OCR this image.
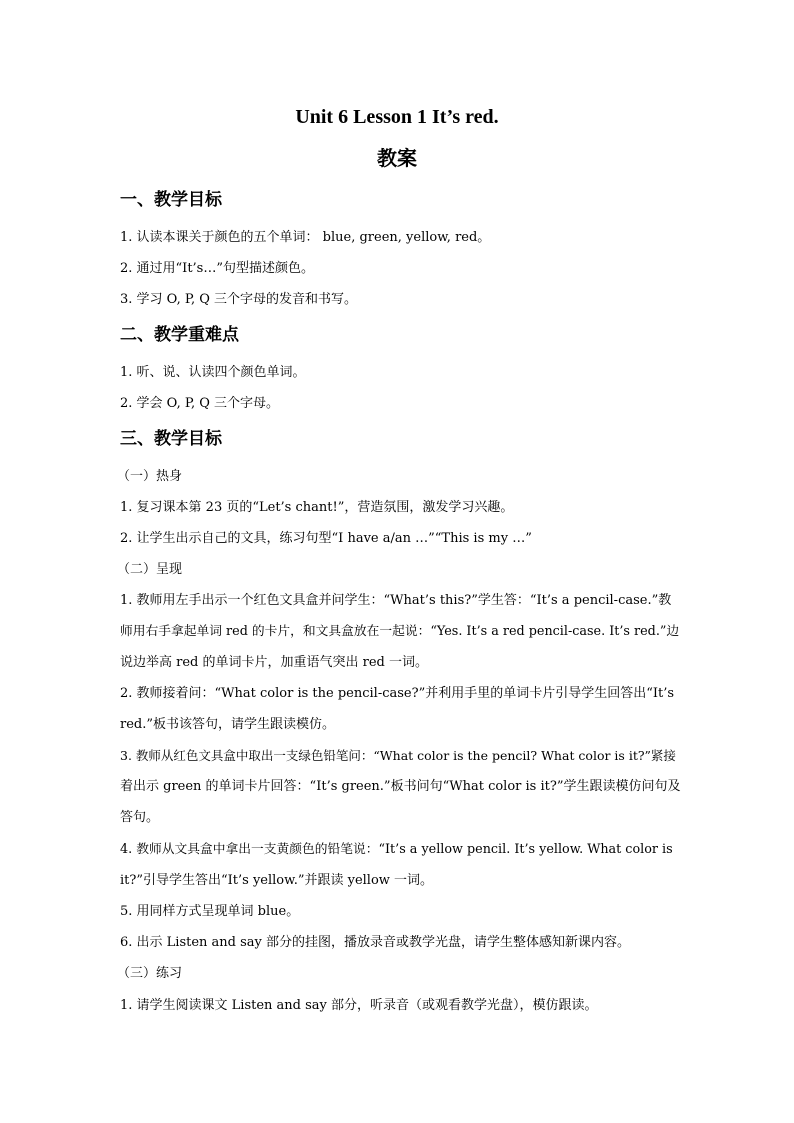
Unit 6 Lesson 1 It’s red.
教案
一、教学目标
1. 认读本课关于颜色的五个单词： blue, green, yellow, red。
2. 通过用“It’s…”句型描述颜色。
3. 学习 O, P, Q 三个字母的发音和书写。
二、教学重难点
1. 听、说、认读四个颜色单词。
2. 学会 O, P, Q 三个字母。
三、教学目标
（一）热身
1. 复习课本第 23 页的“Let’s chant!”，营造氛围，激发学习兴趣。
2. 让学生出示自己的文具，练习句型“I have a/an …”“This is my …”
（二）呈现
1. 教师用左手出示一个红色文具盒并问学生：“What’s this?”学生答：“It’s a pencil-case.”教
师用右手拿起单词 red 的卡片，和文具盒放在一起说：“Yes. It’s a red pencil-case. It’s red.”边
说边举高 red 的单词卡片，加重语气突出 red 一词。
2. 教师接着问：“What color is the pencil-case?”并利用手里的单词卡片引导学生回答出“It’s
red.”板书该答句，请学生跟读模仿。
3. 教师从红色文具盒中取出一支绿色铅笔问：“What color is the pencil? What color is it?”紧接
着出示 green 的单词卡片回答：“It’s green.”板书问句“What color is it?”学生跟读模仿问句及
答句。
4. 教师从文具盒中拿出一支黄颜色的铅笔说：“It’s a yellow pencil. It’s yellow. What color is
it?”引导学生答出“It’s yellow.”并跟读 yellow 一词。
5. 用同样方式呈现单词 blue。
6. 出示 Listen and say 部分的挂图，播放录音或教学光盘，请学生整体感知新课内容。
（三）练习
1. 请学生阅读课文 Listen and say 部分，听录音（或观看教学光盘），模仿跟读。
